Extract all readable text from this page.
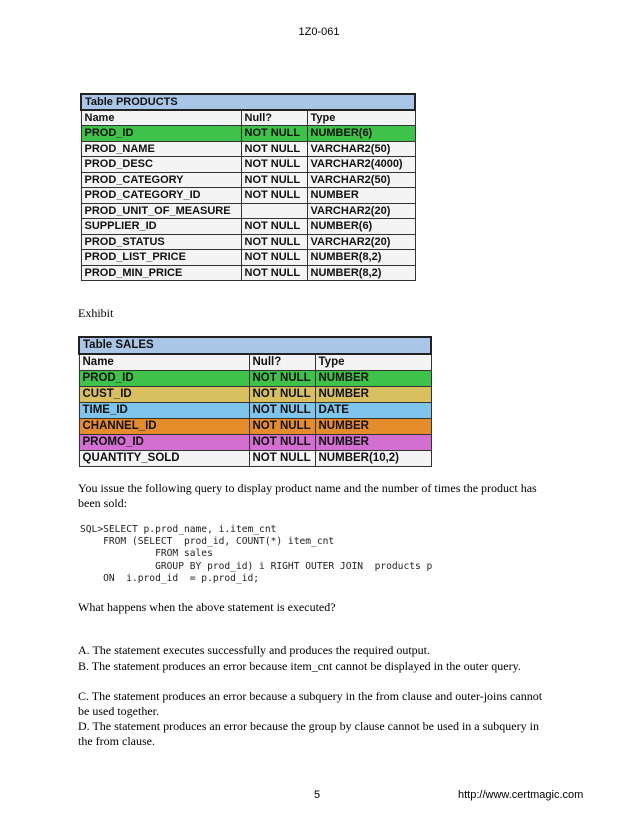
1Z0-061
Table PRODUCTS		
Name	Null?	Type
PROD_ID	NOT NULL	NUMBER(6)
PROD_NAME	NOT NULL	VARCHAR2(50)
PROD_DESC	NOT NULL	VARCHAR2(4000)
PROD_CATEGORY	NOT NULL	VARCHAR2(50)
PROD_CATEGORY_ID	NOT NULL	NUMBER
PROD_UNIT_OF_MEASURE		VARCHAR2(20)
SUPPLIER_ID	NOT NULL	NUMBER(6)
PROD_STATUS	NOT NULL	VARCHAR2(20)
PROD_LIST_PRICE	NOT NULL	NUMBER(8,2)
PROD_MIN_PRICE	NOT NULL	NUMBER(8,2)
Exhibit
Table SALES		
Name	Null?	Type
PROD_ID	NOT NULL	NUMBER
CUST_ID	NOT NULL	NUMBER
TIME_ID	NOT NULL	DATE
CHANNEL_ID	NOT NULL	NUMBER
PROMO_ID	NOT NULL	NUMBER
QUANTITY_SOLD	NOT NULL	NUMBER(10,2)
You issue the following query to display product name and the number of times the product has been sold:
SQL>SELECT p.prod_name, i.item_cnt
FROM (SELECT  prod_id, COUNT(*) item_cnt
FROM sales
GROUP BY prod_id) i RIGHT OUTER JOIN  products p
ON  i.prod_id  = p.prod_id;
What happens when the above statement is executed?
A. The statement executes successfully and produces the required output.
B. The statement produces an error because item_cnt cannot be displayed in the outer query.
C. The statement produces an error because a subquery in the from clause and outer-joins cannot be used together.
D. The statement produces an error because the group by clause cannot be used in a subquery in the from clause.
5	http://www.certmagic.com
